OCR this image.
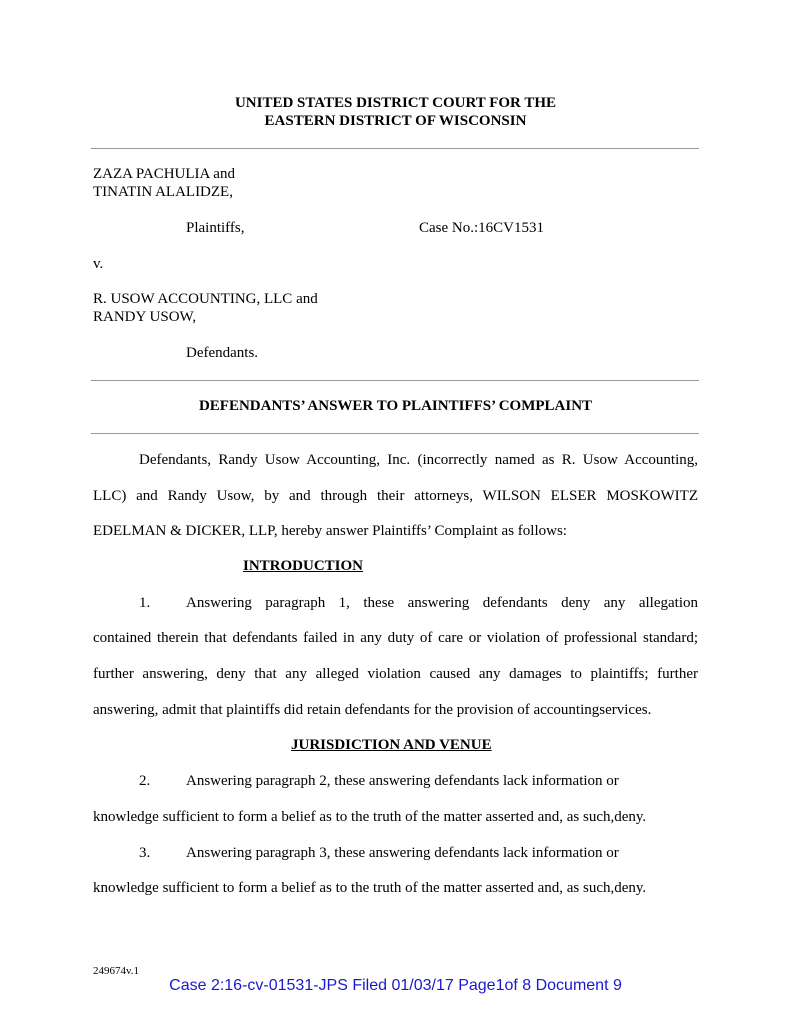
UNITED STATES DISTRICT COURT FOR THE
EASTERN DISTRICT OF WISCONSIN
ZAZA PACHULIA and
TINATIN ALALIDZE,
Plaintiffs,	Case No.:16CV1531
v.
R. USOW ACCOUNTING, LLC and
RANDY USOW,
Defendants.
DEFENDANTS’ ANSWER TO PLAINTIFFS’ COMPLAINT
Defendants, Randy Usow Accounting, Inc. (incorrectly named as R. Usow Accounting,
LLC) and Randy Usow, by and through their attorneys, WILSON ELSER MOSKOWITZ
EDELMAN & DICKER, LLP, hereby answer Plaintiffs’ Complaint as follows:
INTRODUCTION
1. Answering paragraph 1, these answering defendants deny any allegation
contained therein that defendants failed in any duty of care or violation of professional standard;
further answering, deny that any alleged violation caused any damages to plaintiffs; further
answering, admit that plaintiffs did retain defendants for the provision of accountingservices.
JURISDICTION AND VENUE
2. Answering paragraph 2, these answering defendants lack information or
knowledge sufficient to form a belief as to the truth of the matter asserted and, as such,deny.
3. Answering paragraph 3, these answering defendants lack information or
knowledge sufficient to form a belief as to the truth of the matter asserted and, as such,deny.
249674v.1
Case 2:16-cv-01531-JPS Filed 01/03/17 Page1of 8 Document 9
